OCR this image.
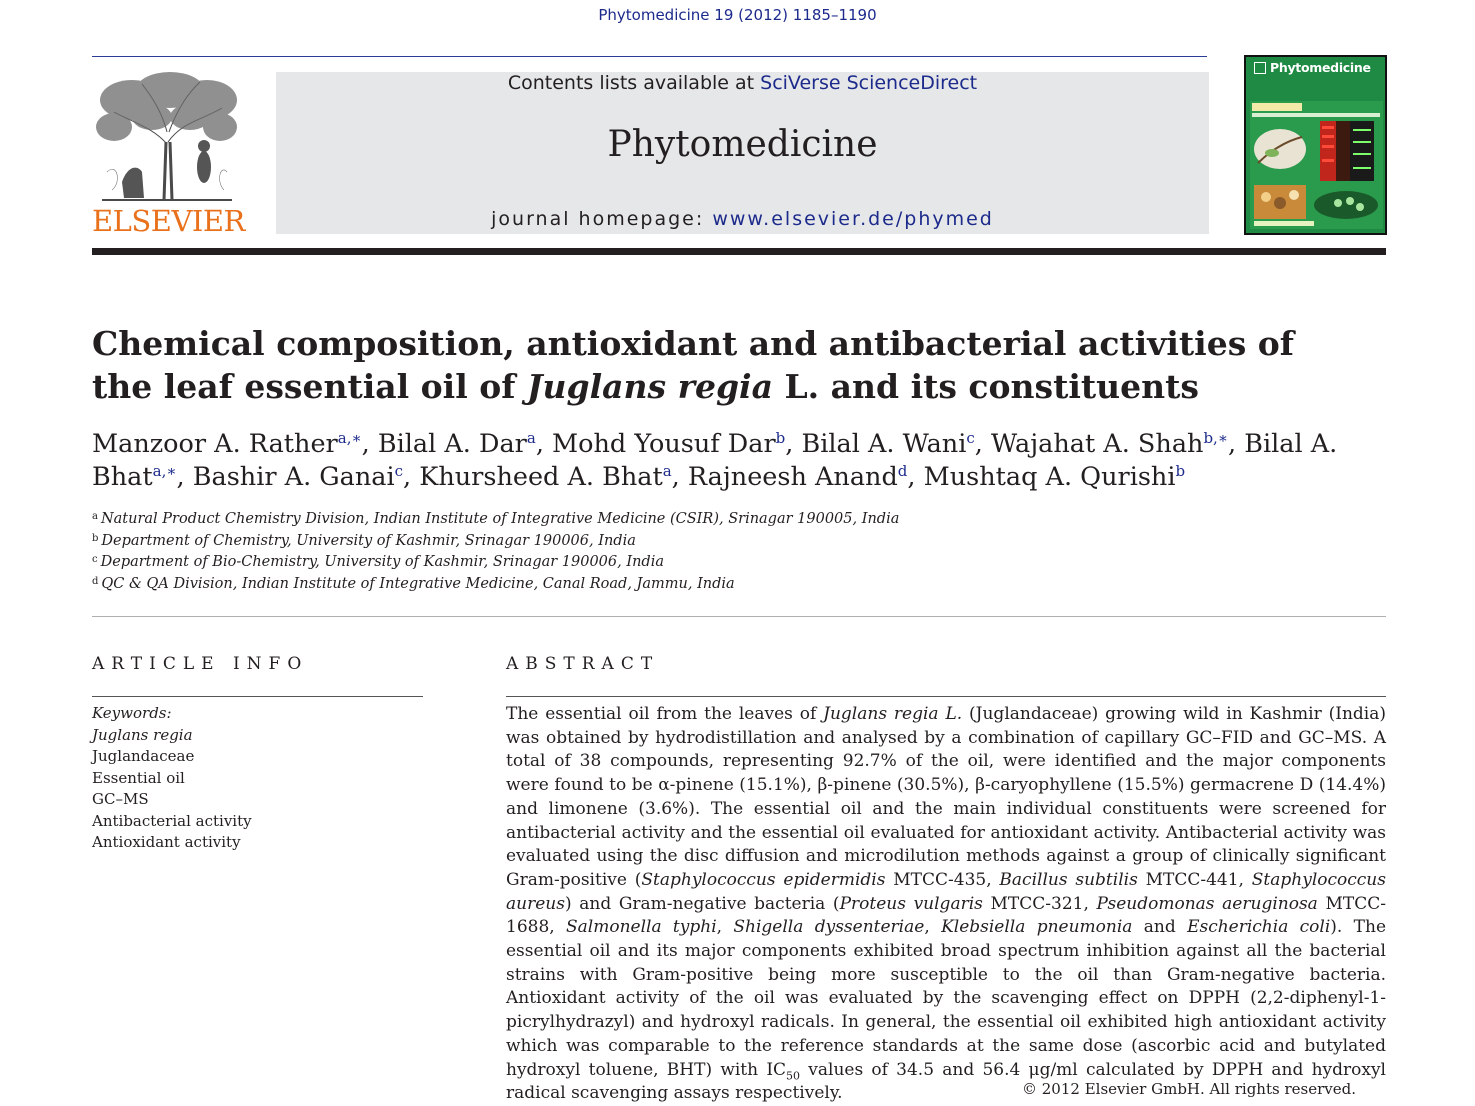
Phytomedicine 19 (2012) 1185–1190
ELSEVIER
Contents lists available at SciVerse ScienceDirect
Phytomedicine
journal homepage: www.elsevier.de/phymed
Phytomedicine
Chemical composition, antioxidant and antibacterial activities of the leaf essential oil of Juglans regia L. and its constituents
Manzoor A. Rather$^{a,∗}$, Bilal A. Dar$^a$, Mohd Yousuf Dar$^b$, Bilal A. Wani$^c$, Wajahat A. Shah$^{b,∗}$, Bilal A. Bhat$^{a,∗}$, Bashir A. Ganai$^c$, Khursheed A. Bhat$^a$, Rajneesh Anand$^d$, Mushtaq A. Qurishi$^b$
$^a$ Natural Product Chemistry Division, Indian Institute of Integrative Medicine (CSIR), Srinagar 190005, India
$^b$ Department of Chemistry, University of Kashmir, Srinagar 190006, India
$^c$ Department of Bio-Chemistry, University of Kashmir, Srinagar 190006, India
$^d$ QC & QA Division, Indian Institute of Integrative Medicine, Canal Road, Jammu, India
ARTICLE INFO	ABSTRACT
Keywords:
Juglans regia
Juglandaceae
Essential oil
GC–MS
Antibacterial activity
Antioxidant activity
The essential oil from the leaves of Juglans regia L. (Juglandaceae) growing wild in Kashmir (India) was obtained by hydrodistillation and analysed by a combination of capillary GC–FID and GC–MS. A total of 38 compounds, representing 92.7% of the oil, were identified and the major components were found to be α-pinene (15.1%), β-pinene (30.5%), β-caryophyllene (15.5%) germacrene D (14.4%) and limonene (3.6%). The essential oil and the main individual constituents were screened for antibacterial activity and the essential oil evaluated for antioxidant activity. Antibacterial activity was evaluated using the disc diffusion and microdilution methods against a group of clinically significant Gram-positive (Staphylococcus epidermidis MTCC-435, Bacillus subtilis MTCC-441, Staphylococcus aureus) and Gram-negative bacteria (Proteus vulgaris MTCC-321, Pseudomonas aeruginosa MTCC-1688, Salmonella typhi, Shigella dyssenteriae, Klebsiella pneumonia and Escherichia coli). The essential oil and its major components exhibited broad spectrum inhibition against all the bacterial strains with Gram-positive being more susceptible to the oil than Gram-negative bacteria. Antioxidant activity of the oil was evaluated by the scavenging effect on DPPH (2,2-diphenyl-1-picrylhydrazyl) and hydroxyl radicals. In general, the essential oil exhibited high antioxidant activity which was comparable to the reference standards at the same dose (ascorbic acid and butylated hydroxyl toluene, BHT) with $IC_{50}$ values of 34.5 and 56.4 μg/ml calculated by DPPH and hydroxyl radical scavenging assays respectively.	© 2012 Elsevier GmbH. All rights reserved.
